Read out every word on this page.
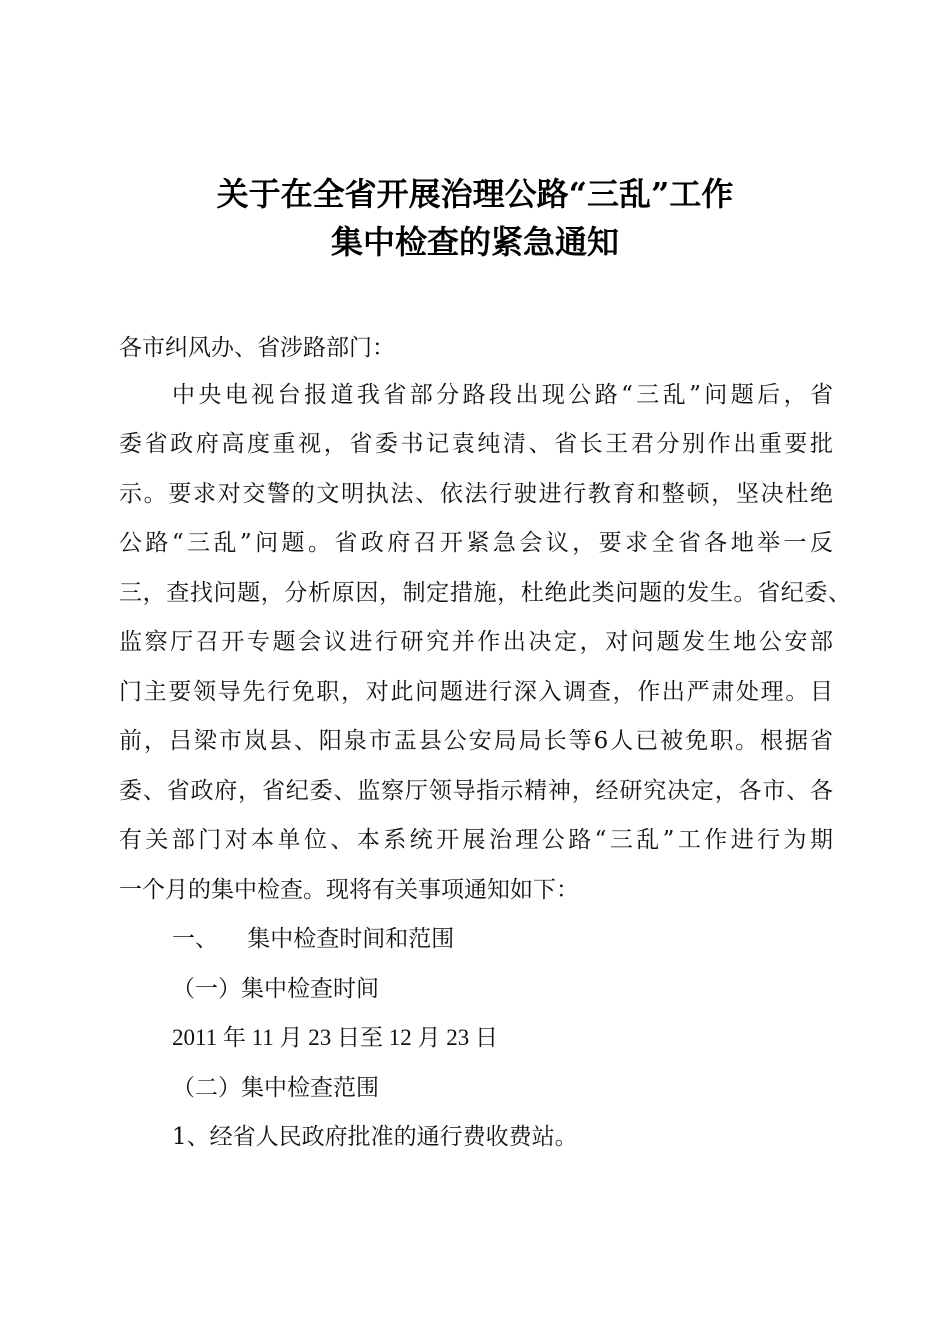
关于在全省开展治理公路“三乱”工作
集中检查的紧急通知
各市纠风办、省涉路部门：
中央电视台报道我省部分路段出现公路“三乱”问题后，省
委省政府高度重视，省委书记袁纯清、省长王君分别作出重要批
示。要求对交警的文明执法、依法行驶进行教育和整顿，坚决杜绝
公路“三乱”问题。省政府召开紧急会议，要求全省各地举一反
三，查找问题，分析原因，制定措施，杜绝此类问题的发生。省纪委、
监察厅召开专题会议进行研究并作出决定，对问题发生地公安部
门主要领导先行免职，对此问题进行深入调查，作出严肃处理。目
前，吕梁市岚县、阳泉市盂县公安局局长等6人已被免职。根据省
委、省政府，省纪委、监察厅领导指示精神，经研究决定，各市、各
有关部门对本单位、本系统开展治理公路“三乱”工作进行为期
一个月的集中检查。现将有关事项通知如下：
一、    集中检查时间和范围
（一）集中检查时间
2011 年 11 月 23 日至 12 月 23 日
（二）集中检查范围
1、经省人民政府批准的通行费收费站。
